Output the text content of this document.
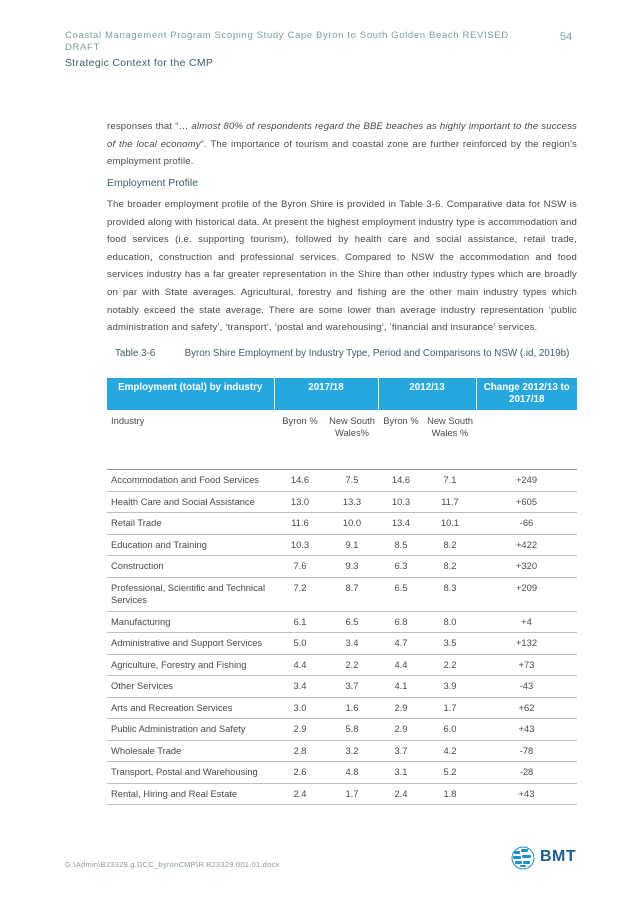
Coastal Management Program Scoping Study Cape Byron to South Golden Beach REVISED DRAFT
54
Strategic Context for the CMP
responses that “… almost 80% of respondents regard the BBE beaches as highly important to the success of the local economy”. The importance of tourism and coastal zone are further reinforced by the region’s employment profile.
Employment Profile
The broader employment profile of the Byron Shire is provided in Table 3-6. Comparative data for NSW is provided along with historical data. At present the highest employment industry type is accommodation and food services (i.e. supporting tourism), followed by health care and social assistance, retail trade, education, construction and professional services. Compared to NSW the accommodation and food services industry has a far greater representation in the Shire than other industry types which are broadly on par with State averages. Agricultural, forestry and fishing are the other main industry types which notably exceed the state average. There are some lower than average industry representation ‘public administration and safety’, ‘transport’, ‘postal and warehousing’, ‘financial and insurance’ services.
Table 3-6	Byron Shire Employment by Industry Type, Period and Comparisons to NSW (.id, 2019b)
Employment (total) by industry	2017/18		2012/13		Change 2012/13 to 2017/18
Industry	Byron %	New South Wales%	Byron %	New South Wales %	
Accommodation and Food Services	14.6	7.5	14.6	7.1	+249
Health Care and Social Assistance	13.0	13.3	10.3	11.7	+605
Retail Trade	11.6	10.0	13.4	10.1	-66
Education and Training	10.3	9.1	8.5	8.2	+422
Construction	7.6	9.3	6.3	8.2	+320
Professional, Scientific and Technical Services	7.2	8.7	6.5	8.3	+209
Manufacturing	6.1	6.5	6.8	8.0	+4
Administrative and Support Services	5.0	3.4	4.7	3.5	+132
Agriculture, Forestry and Fishing	4.4	2.2	4.4	2.2	+73
Other Services	3.4	3.7	4.1	3.9	-43
Arts and Recreation Services	3.0	1.6	2.9	1.7	+62
Public Administration and Safety	2.9	5.8	2.9	6.0	+43
Wholesale Trade	2.8	3.2	3.7	4.2	-78
Transport, Postal and Warehousing	2.6	4.8	3.1	5.2	-28
Rental, Hiring and Real Estate	2.4	1.7	2.4	1.8	+43
G:\Admin\B23329.g.DCC_byronCMP\R.B23329.001.01.docx	BMT
